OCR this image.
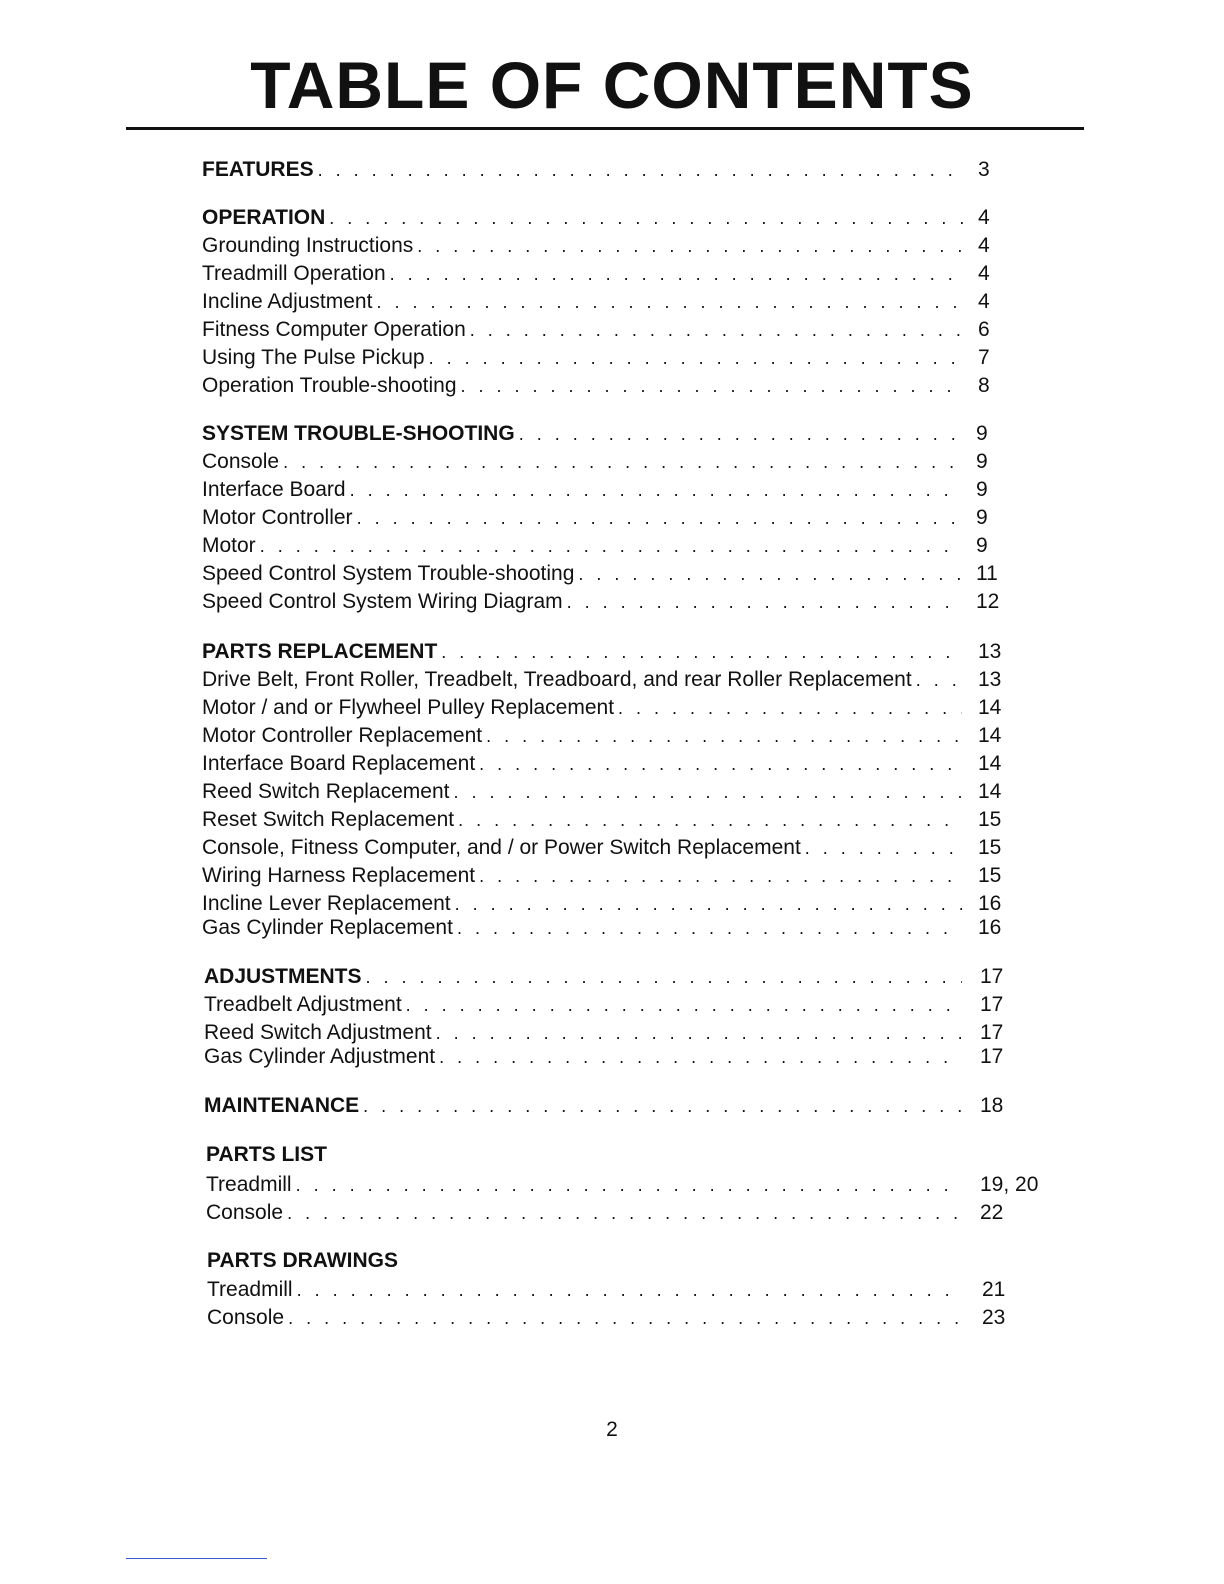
TABLE OF CONTENTS
FEATURES . . .	3
OPERATION . . .	4
Grounding Instructions . . .	4
Treadmill Operation . . .	4
Incline Adjustment . . .	4
Fitness Computer Operation . . .	6
Using The Pulse Pickup . . .	7
Operation Trouble-shooting . . .	8
SYSTEM TROUBLE-SHOOTING . . .	9
Console . . .	9
Interface Board . . .	9
Motor Controller . . .	9
Motor . . .	9
Speed Control System Trouble-shooting . . .	11
Speed Control System Wiring Diagram . . .	12
PARTS REPLACEMENT . . .	13
Drive Belt, Front Roller, Treadbelt, Treadboard, and rear Roller Replacement . . .	13
Motor / and or Flywheel Pulley Replacement . . .	14
Motor Controller Replacement . . .	14
Interface Board Replacement . . .	14
Reed Switch Replacement . . .	14
Reset Switch Replacement . . .	15
Console, Fitness Computer, and / or Power Switch Replacement . . .	15
Wiring Harness Replacement . . .	15
Incline Lever Replacement . . .	16
Gas Cylinder Replacement . . .	16
ADJUSTMENTS . . .	17
Treadbelt Adjustment . . .	17
Reed Switch Adjustment . . .	17
Gas Cylinder Adjustment . . .	17
MAINTENANCE . . .	18
PARTS LIST
Treadmill . . .	19, 20
Console . . .	22
PARTS DRAWINGS
Treadmill . . .	21
Console . . .	23
2
